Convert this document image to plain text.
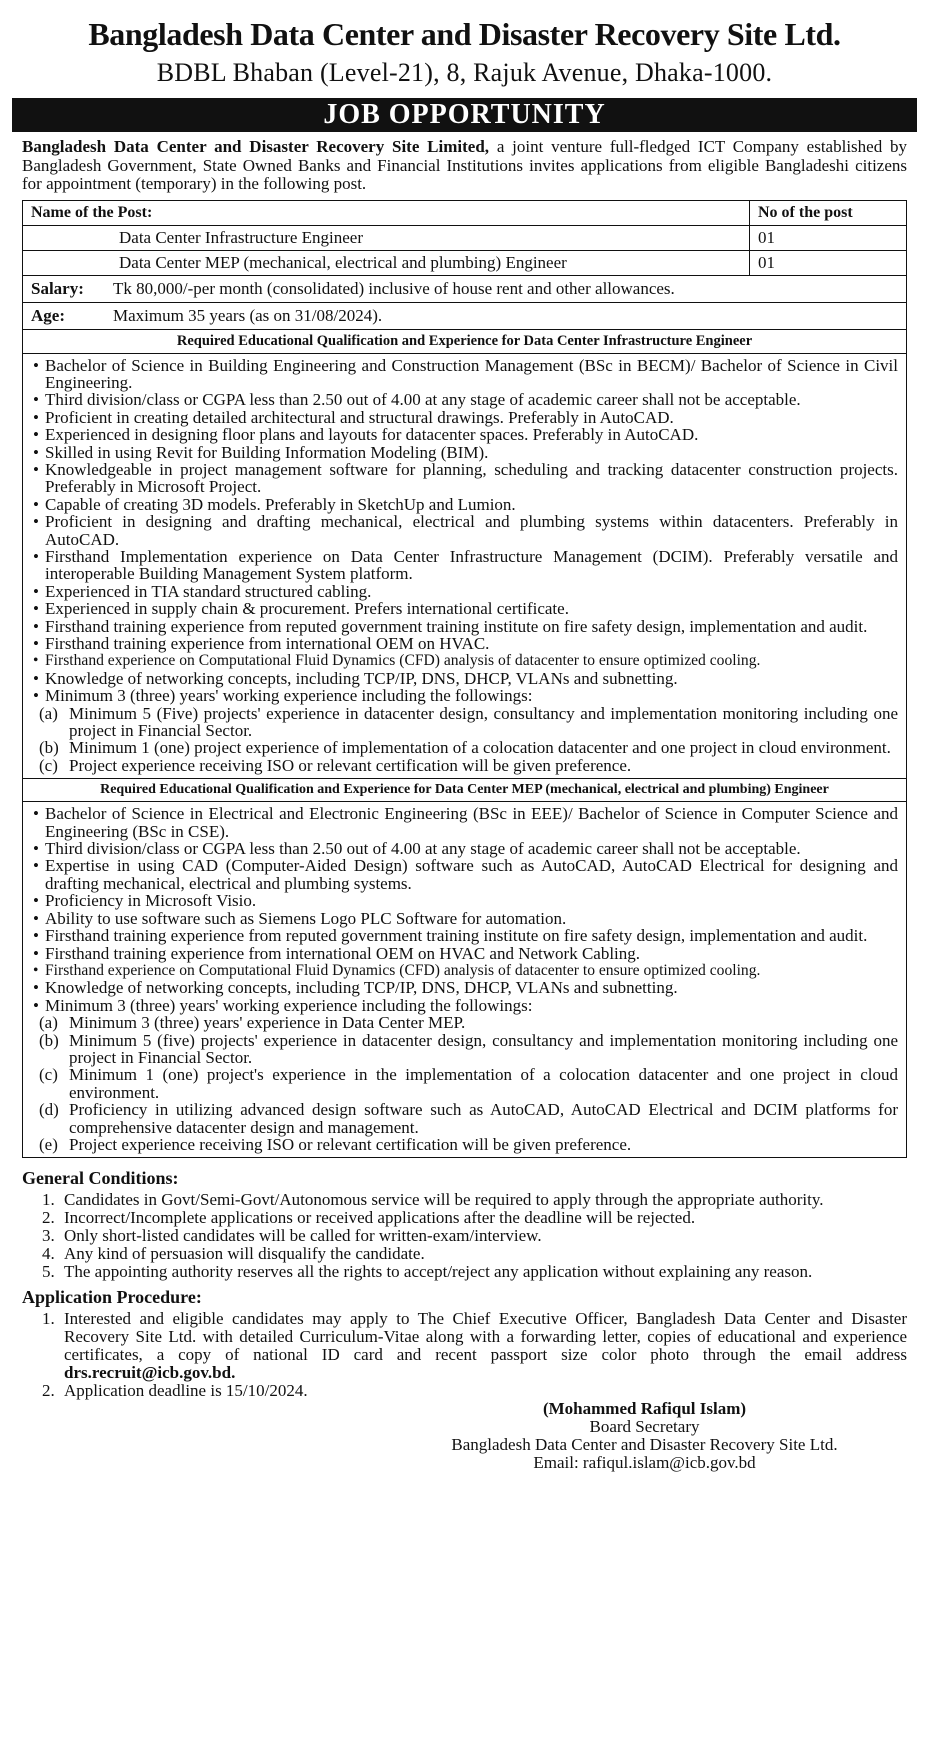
Bangladesh Data Center and Disaster Recovery Site Ltd.
BDBL Bhaban (Level-21), 8, Rajuk Avenue, Dhaka-1000.
JOB OPPORTUNITY
Bangladesh Data Center and Disaster Recovery Site Limited, a joint venture full-fledged ICT Company established by Bangladesh Government, State Owned Banks and Financial Institutions invites applications from eligible Bangladeshi citizens for appointment (temporary) in the following post.
Name of the Post:	No of the post
Data Center Infrastructure Engineer	01
Data Center MEP (mechanical, electrical and plumbing) Engineer	01
Salary:	Tk 80,000/-per month (consolidated) inclusive of house rent and other allowances.
Age:	Maximum 35 years (as on 31/08/2024).
Required Educational Qualification and Experience for Data Center Infrastructure Engineer
• Bachelor of Science in Building Engineering and Construction Management (BSc in BECM)/ Bachelor of Science in Civil Engineering.
• Third division/class or CGPA less than 2.50 out of 4.00 at any stage of academic career shall not be acceptable.
• Proficient in creating detailed architectural and structural drawings. Preferably in AutoCAD.
• Experienced in designing floor plans and layouts for datacenter spaces. Preferably in AutoCAD.
• Skilled in using Revit for Building Information Modeling (BIM).
• Knowledgeable in project management software for planning, scheduling and tracking datacenter construction projects. Preferably in Microsoft Project.
• Capable of creating 3D models. Preferably in SketchUp and Lumion.
• Proficient in designing and drafting mechanical, electrical and plumbing systems within datacenters. Preferably in AutoCAD.
• Firsthand Implementation experience on Data Center Infrastructure Management (DCIM). Preferably versatile and interoperable Building Management System platform.
• Experienced in TIA standard structured cabling.
• Experienced in supply chain & procurement. Prefers international certificate.
• Firsthand training experience from reputed government training institute on fire safety design, implementation and audit.
• Firsthand training experience from international OEM on HVAC.
• Firsthand experience on Computational Fluid Dynamics (CFD) analysis of datacenter to ensure optimized cooling.
• Knowledge of networking concepts, including TCP/IP, DNS, DHCP, VLANs and subnetting.
• Minimum 3 (three) years' working experience including the followings:
(a) Minimum 5 (Five) projects' experience in datacenter design, consultancy and implementation monitoring including one project in Financial Sector.
(b) Minimum 1 (one) project experience of implementation of a colocation datacenter and one project in cloud environment.
(c) Project experience receiving ISO or relevant certification will be given preference.
Required Educational Qualification and Experience for Data Center MEP (mechanical, electrical and plumbing) Engineer
• Bachelor of Science in Electrical and Electronic Engineering (BSc in EEE)/ Bachelor of Science in Computer Science and Engineering (BSc in CSE).
• Third division/class or CGPA less than 2.50 out of 4.00 at any stage of academic career shall not be acceptable.
• Expertise in using CAD (Computer-Aided Design) software such as AutoCAD, AutoCAD Electrical for designing and drafting mechanical, electrical and plumbing systems.
• Proficiency in Microsoft Visio.
• Ability to use software such as Siemens Logo PLC Software for automation.
• Firsthand training experience from reputed government training institute on fire safety design, implementation and audit.
• Firsthand training experience from international OEM on HVAC and Network Cabling.
• Firsthand experience on Computational Fluid Dynamics (CFD) analysis of datacenter to ensure optimized cooling.
• Knowledge of networking concepts, including TCP/IP, DNS, DHCP, VLANs and subnetting.
• Minimum 3 (three) years' working experience including the followings:
(a) Minimum 3 (three) years' experience in Data Center MEP.
(b) Minimum 5 (five) projects' experience in datacenter design, consultancy and implementation monitoring including one project in Financial Sector.
(c) Minimum 1 (one) project's experience in the implementation of a colocation datacenter and one project in cloud environment.
(d) Proficiency in utilizing advanced design software such as AutoCAD, AutoCAD Electrical and DCIM platforms for comprehensive datacenter design and management.
(e) Project experience receiving ISO or relevant certification will be given preference.
General Conditions:
1. Candidates in Govt/Semi-Govt/Autonomous service will be required to apply through the appropriate authority.
2. Incorrect/Incomplete applications or received applications after the deadline will be rejected.
3. Only short-listed candidates will be called for written-exam/interview.
4. Any kind of persuasion will disqualify the candidate.
5. The appointing authority reserves all the rights to accept/reject any application without explaining any reason.
Application Procedure:
1. Interested and eligible candidates may apply to The Chief Executive Officer, Bangladesh Data Center and Disaster Recovery Site Ltd. with detailed Curriculum-Vitae along with a forwarding letter, copies of educational and experience certificates, a copy of national ID card and recent passport size color photo through the email address drs.recruit@icb.gov.bd.
2. Application deadline is 15/10/2024.
(Mohammed Rafiqul Islam)
Board Secretary
Bangladesh Data Center and Disaster Recovery Site Ltd.
Email: rafiqul.islam@icb.gov.bd
